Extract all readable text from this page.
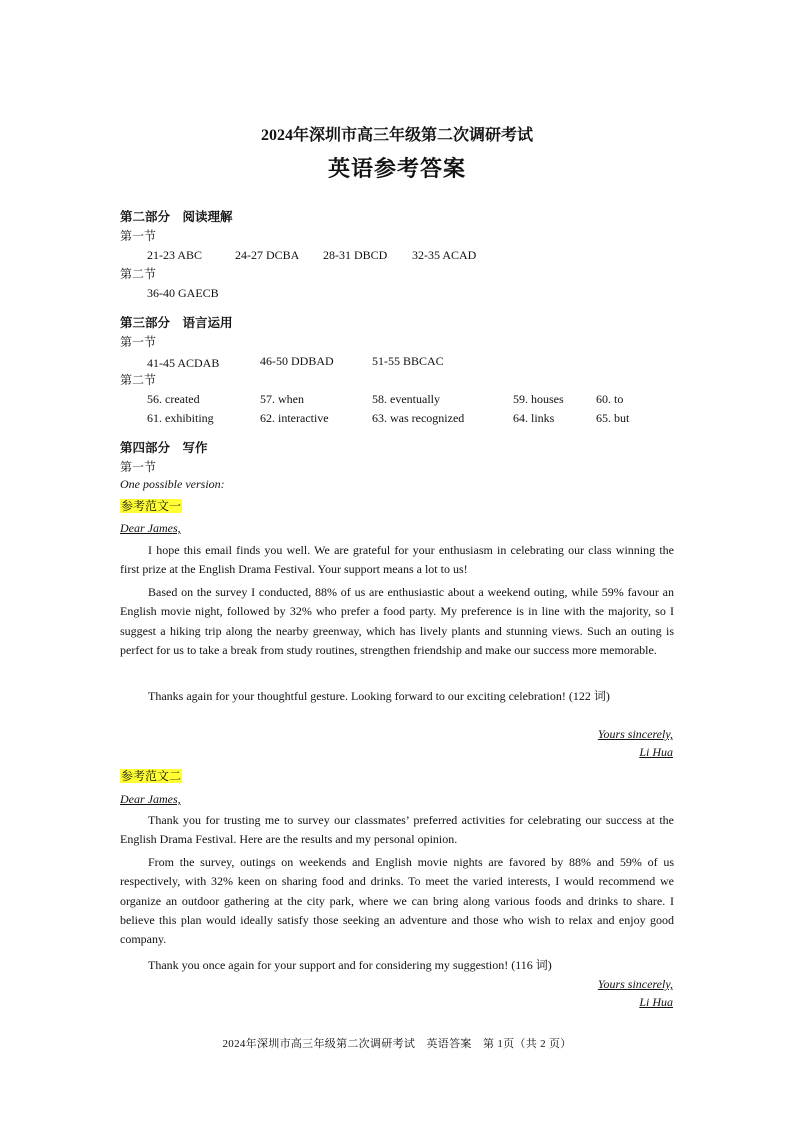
2024年深圳市高三年级第二次调研考试
英语参考答案
第二部分　阅读理解
第一节
21-23 ABC	24-27 DCBA 28-31 DBCD 32-35 ACAD
第二节
36-40 GAECB
第三部分　语言运用
第一节
41-45 ACDAB	46-50 DDBAD	51-55 BBCAC
第二节
56. created	57. when	58. eventually	59. houses	60. to
61. exhibiting	62. interactive	63. was recognized	64. links	65. but
第四部分　写作
第一节
One possible version:
参考范文一
Dear James,
I hope this email finds you well. We are grateful for your enthusiasm in celebrating our class winning the first prize at the English Drama Festival. Your support means a lot to us!
Based on the survey I conducted, 88% of us are enthusiastic about a weekend outing, while 59% favour an English movie night, followed by 32% who prefer a food party. My preference is in line with the majority, so I suggest a hiking trip along the nearby greenway, which has lively plants and stunning views. Such an outing is perfect for us to take a break from study routines, strengthen friendship and make our success more memorable.
Thanks again for your thoughtful gesture. Looking forward to our exciting celebration! (122 词)
Yours sincerely,
Li Hua
参考范文二
Dear James,
Thank you for trusting me to survey our classmates’ preferred activities for celebrating our success at the English Drama Festival. Here are the results and my personal opinion.
From the survey, outings on weekends and English movie nights are favored by 88% and 59% of us respectively, with 32% keen on sharing food and drinks. To meet the varied interests, I would recommend we organize an outdoor gathering at the city park, where we can bring along various foods and drinks to share. I believe this plan would ideally satisfy those seeking an adventure and those who wish to relax and enjoy good company.
Thank you once again for your support and for considering my suggestion! (116 词)
Yours sincerely,
Li Hua
2024年深圳市高三年级第二次调研考试　英语答案　第 1页（共 2 页）
